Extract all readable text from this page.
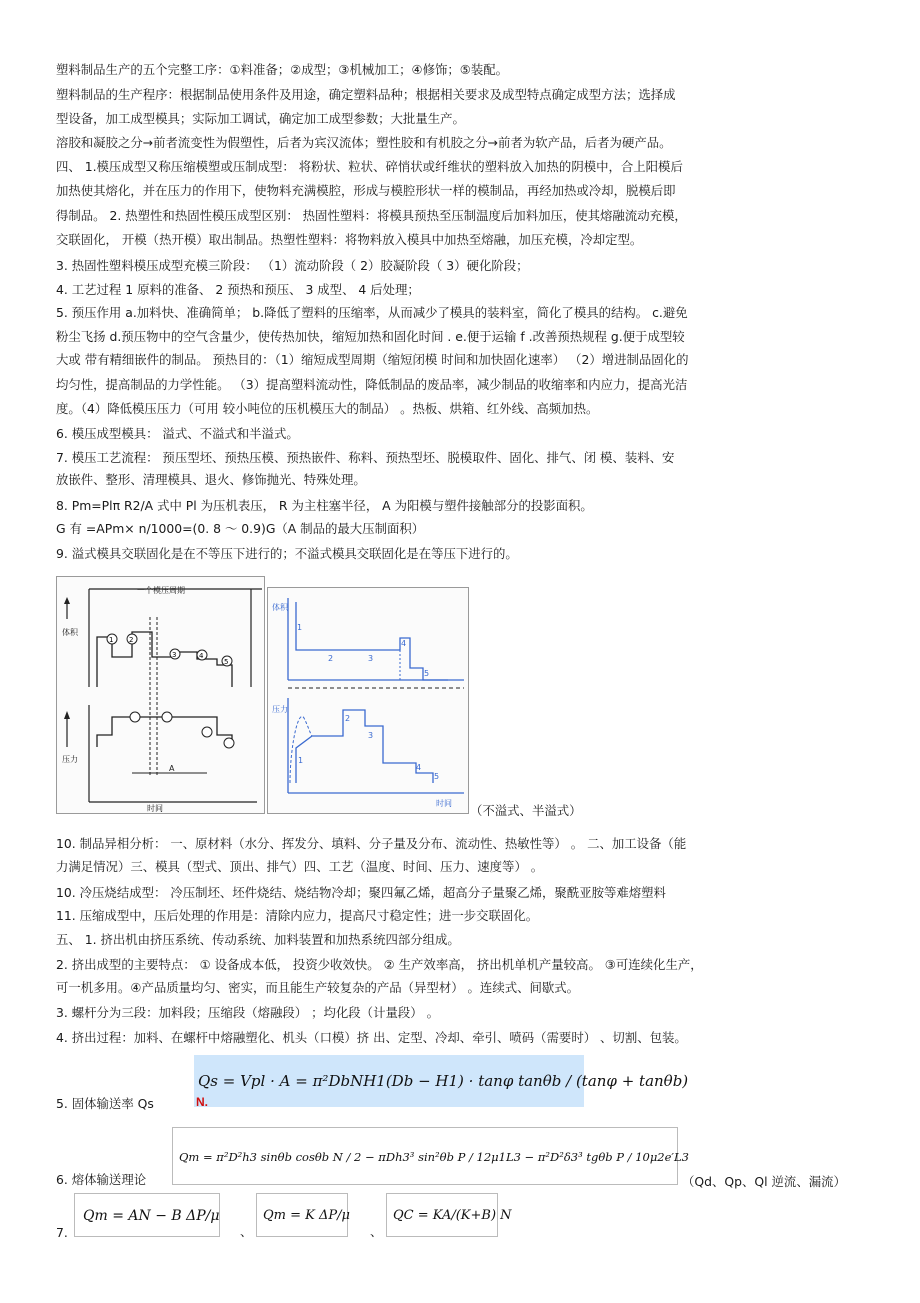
塑料制品生产的五个完整工序：①料准备；②成型；③机械加工；④修饰；⑤装配。
塑料制品的生产程序：根据制品使用条件及用途，确定塑料品种；根据相关要求及成型特点确定成型方法；选择成
型设备，加工成型模具；实际加工调试，确定加工成型参数；大批量生产。
溶胶和凝胶之分→前者流变性为假塑性，后者为宾汉流体；塑性胶和有机胶之分→前者为软产品，后者为硬产品。
四、 1.模压成型又称压缩模塑或压制成型： 将粉状、粒状、碎悄状或纤维状的塑料放入加热的阴模中，合上阳模后
加热使其熔化，并在压力的作用下，使物料充满模腔，形成与模腔形状一样的模制品，再经加热或冷却，脱模后即
得制品。 2. 热塑性和热固性模压成型区别： 热固性塑料：将模具预热至压制温度后加料加压，使其熔融流动充模，
交联固化， 开模（热开模）取出制品。热塑性塑料：将物料放入模具中加热至熔融，加压充模，冷却定型。
3. 热固性塑料模压成型充模三阶段： （1）流动阶段（ 2）胶凝阶段（ 3）硬化阶段；
4. 工艺过程 1 原料的准备、 2 预热和预压、 3 成型、 4 后处理；
5. 预压作用 a.加料快、准确简单； b.降低了塑料的压缩率，从而减少了模具的装料室，简化了模具的结构。 c.避免
粉尘飞扬 d.预压物中的空气含量少，使传热加快，缩短加热和固化时间 . e.便于运输 f .改善预热规程 g.便于成型较
大或 带有精细嵌件的制品。 预热目的：（1）缩短成型周期（缩短闭模 时间和加快固化速率） （2）增进制品固化的
均匀性，提高制品的力学性能。 （3）提高塑料流动性，降低制品的废品率，减少制品的收缩率和内应力，提高光洁
度。（4）降低模压压力（可用 较小吨位的压机模压大的制品） 。热板、烘箱、红外线、高频加热。
6. 模压成型模具： 溢式、不溢式和半溢式。
7. 模压工艺流程： 预压型坯、预热压模、预热嵌件、称料、预热型坯、脱模取件、固化、排气、闭 模、装料、安
放嵌件、整形、清理模具、退火、修饰抛光、特殊处理。
8. Pm=Plπ R2/A 式中 Pl 为压机表压， R 为主柱塞半径， A 为阳模与塑件接触部分的投影面积。
G 有 =APm× n/1000=(0. 8 ～ 0.9)G（A 制品的最大压制面积）
9. 溢式模具交联固化是在不等压下进行的；不溢式模具交联固化是在等压下进行的。
一个模压周期
体积
1 2
3	4
5
压力
A
时间
体积
1
2	3
4
5
压力
1
2
3
4
5
时间 （不溢式、半溢式）
10. 制品异相分析： 一、原材料（水分、挥发分、填料、分子量及分布、流动性、热敏性等） 。 二、加工设备（能
力满足情况）三、模具（型式、顶出、排气）四、工艺（温度、时间、压力、速度等） 。
10. 冷压烧结成型： 冷压制坯、坯件烧结、烧结物冷却；聚四氟乙烯，超高分子量聚乙烯，聚酰亚胺等难熔塑料
11. 压缩成型中，压后处理的作用是：清除内应力，提高尺寸稳定性；进一步交联固化。
五、 1. 挤出机由挤压系统、传动系统、加料装置和加热系统四部分组成。
2. 挤出成型的主要特点： ① 设备成本低， 投资少收效快。 ② 生产效率高， 挤出机单机产量较高。 ③可连续化生产，
可一机多用。④产品质量均匀、密实，而且能生产较复杂的产品（异型材） 。连续式、间歇式。
3. 螺杆分为三段：加料段；压缩段（熔融段） ；均化段（计量段） 。
4. 挤出过程：加料、在螺杆中熔融塑化、机头（口模）挤 出、定型、冷却、牵引、喷码（需要时） 、切割、包装。
5. 固体输送率 Qs
Qs = Vpl · A = π²DbNH1(Db − H1) · tanφ tanθb / (tanφ + tanθb)
N.
6. 熔体输送理论
Qm = π²D²h3 sinθb cosθb N / 2 − πDh3³ sin²θb P / 12μ1L3 − π²D²δ3³ tgθb P / 10μ2e′L3
（Qd、Qp、Ql 逆流、漏流）
7.
Qm = AN − B ΔP/μ
、
Qm = K ΔP/μ
、
QC = KA/(K+B) N
